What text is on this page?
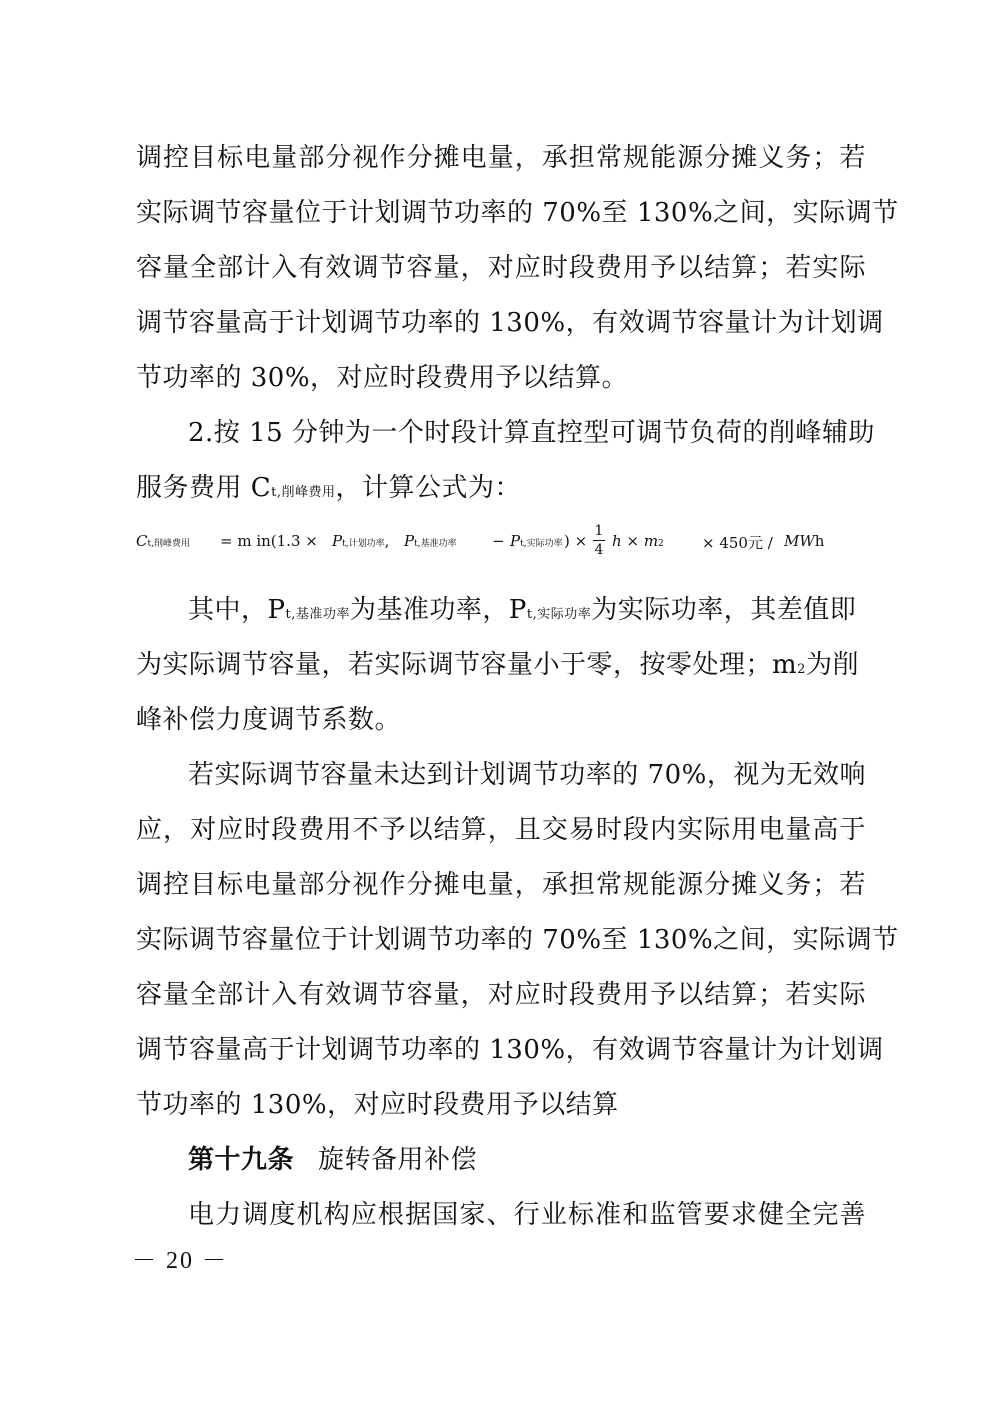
调控目标电量部分视作分摊电量，承担常规能源分摊义务；若
实际调节容量位于计划调节功率的 70%至 130%之间，实际调节
容量全部计入有效调节容量，对应时段费用予以结算；若实际
调节容量高于计划调节功率的 130%，有效调节容量计为计划调
节功率的 30%，对应时段费用予以结算。
2.按 15 分钟为一个时段计算直控型可调节负荷的削峰辅助
服务费用 Ct,削峰费用，计算公式为：
Ct,削峰费用 = m in(1.3 × Pt,计划功率, Pt,基准功率 − Pt,实际功率 ) ×
1
4 h × m2	× 450元 / MWh
其中，Pt,基准功率为基准功率，Pt,实际功率为实际功率，其差值即
为实际调节容量，若实际调节容量小于零，按零处理；m2为削
峰补偿力度调节系数。
若实际调节容量未达到计划调节功率的 70%，视为无效响
应，对应时段费用不予以结算，且交易时段内实际用电量高于
调控目标电量部分视作分摊电量，承担常规能源分摊义务；若
实际调节容量位于计划调节功率的 70%至 130%之间，实际调节
容量全部计入有效调节容量，对应时段费用予以结算；若实际
调节容量高于计划调节功率的 130%，有效调节容量计为计划调
节功率的 130%，对应时段费用予以结算
第十九条 旋转备用补偿
电力调度机构应根据国家、行业标准和监管要求健全完善
－ 20 －
